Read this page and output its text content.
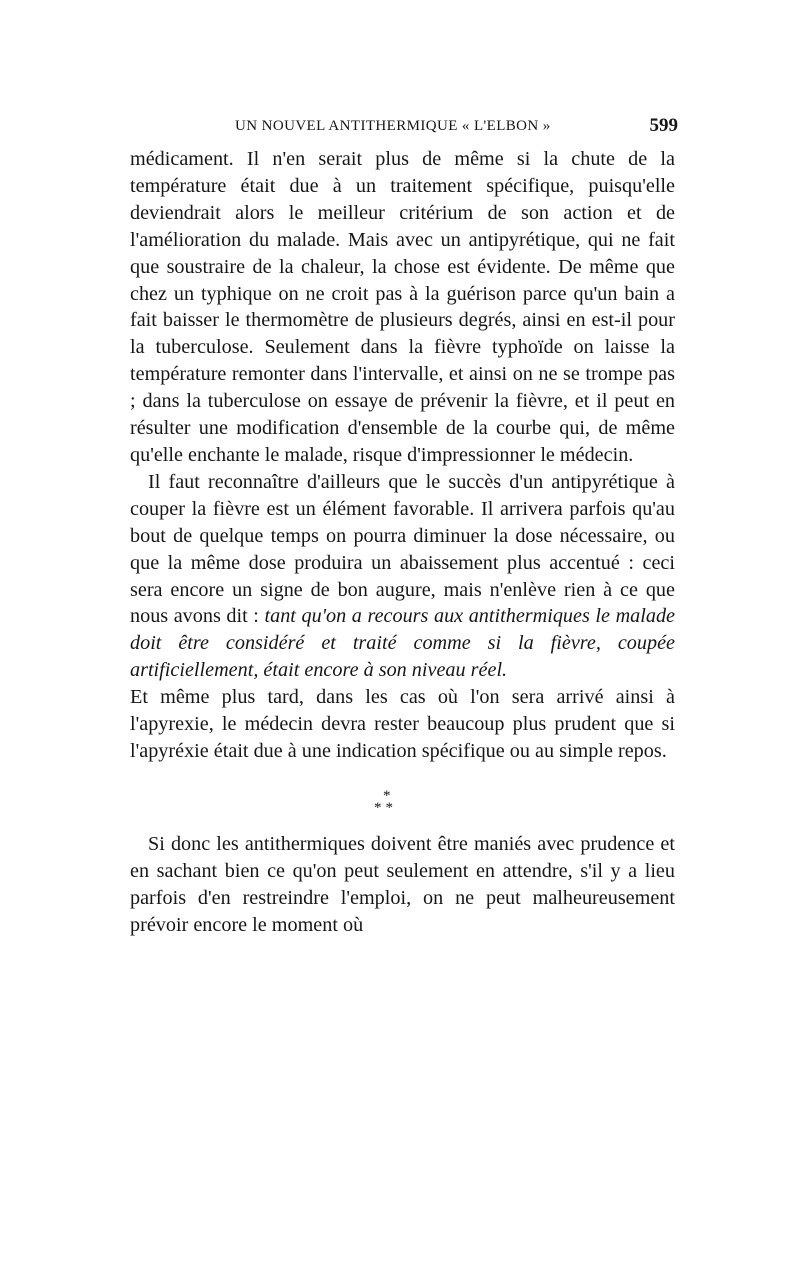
UN NOUVEL ANTITHERMIQUE « L'ELBON »	599

médicament. Il n'en serait plus de même si la chute de la température était due à un traitement spécifique, puisqu'elle deviendrait alors le meilleur critérium de son action et de l'amélioration du malade. Mais avec un antipyrétique, qui ne fait que soustraire de la chaleur, la chose est évidente. De même que chez un typhique on ne croit pas à la guérison parce qu'un bain a fait baisser le thermomètre de plusieurs degrés, ainsi en est-il pour la tuberculose. Seulement dans la fièvre typhoïde on laisse la température remonter dans l'intervalle, et ainsi on ne se trompe pas ; dans la tuberculose on essaye de prévenir la fièvre, et il peut en résulter une modification d'ensemble de la courbe qui, de même qu'elle enchante le malade, risque d'impressionner le médecin.

Il faut reconnaître d'ailleurs que le succès d'un antipyrétique à couper la fièvre est un élément favorable. Il arrivera parfois qu'au bout de quelque temps on pourra diminuer la dose nécessaire, ou que la même dose produira un abaissement plus accentué : ceci sera encore un signe de bon augure, mais n'enlève rien à ce que nous avons dit : tant qu'on a recours aux antithermiques le malade doit être considéré et traité comme si la fièvre, coupée artificiellement, était encore à son niveau réel.

Et même plus tard, dans les cas où l'on sera arrivé ainsi à l'apyrexie, le médecin devra rester beaucoup plus prudent que si l'apyréxie était due à une indication spécifique ou au simple repos.

*
**

Si donc les antithermiques doivent être maniés avec prudence et en sachant bien ce qu'on peut seulement en attendre, s'il y a lieu parfois d'en restreindre l'emploi, on ne peut malheureusement prévoir encore le moment où
